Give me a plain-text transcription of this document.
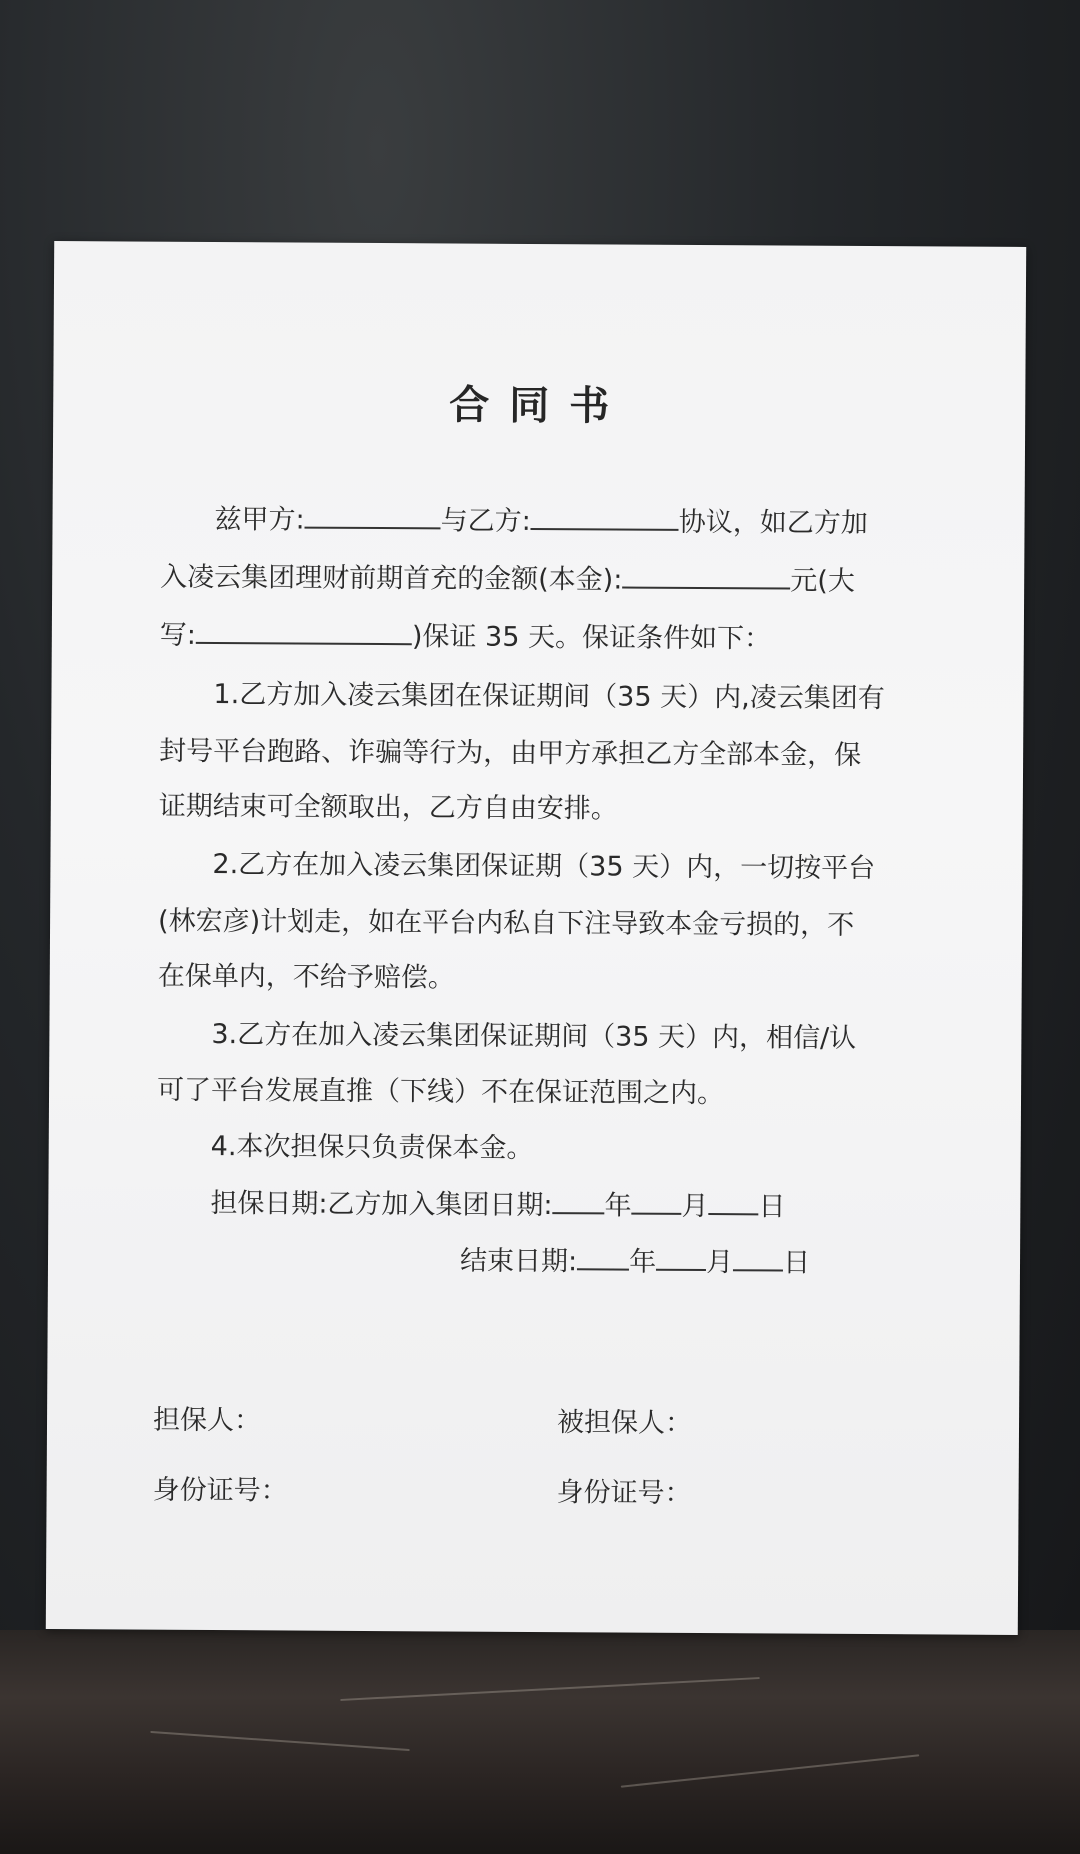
合同书
兹甲方:	与乙方:	协议，如乙方加
入凌云集团理财前期首充的金额(本金):	元(大
写:	)保证 35 天。保证条件如下：
1.乙方加入凌云集团在保证期间（35 天）内,凌云集团有
封号平台跑路、诈骗等行为，由甲方承担乙方全部本金，保
证期结束可全额取出，乙方自由安排。
2.乙方在加入凌云集团保证期（35 天）内，一切按平台
(林宏彦)计划走，如在平台内私自下注导致本金亏损的，不
在保单内，不给予赔偿。
3.乙方在加入凌云集团保证期间（35 天）内，相信/认
可了平台发展直推（下线）不在保证范围之内。
4.本次担保只负责保本金。
担保日期:乙方加入集团日期: 年 月 日
结束日期: 年 月 日
担保人：	被担保人：
身份证号：	身份证号：
